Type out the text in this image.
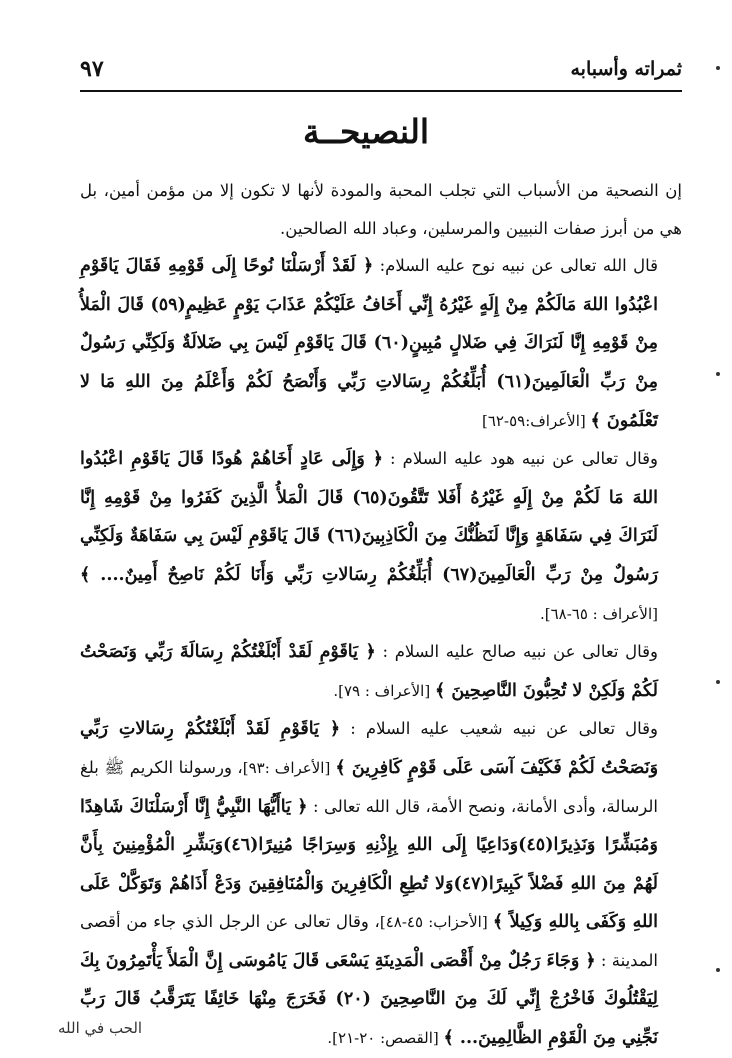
ثمراته وأسبابه
٩٧
النصيحــة

إن النصحية من الأسباب التي تجلب المحبة والمودة لأنها لا تكون إلا من مؤمن أمين، بل هي من أبرز صفات النبيين والمرسلين، وعباد الله الصالحين.

قال الله تعالى عن نبيه نوح عليه السلام: ﴿ لَقَدْ أَرْسَلْنَا نُوحًا إِلَى قَوْمِهِ فَقَالَ يَاقَوْمِ اعْبُدُوا اللهَ مَالَكُمْ مِنْ إِلَهٍ غَيْرُهُ إِنِّي أَخَافُ عَلَيْكُمْ عَذَابَ يَوْمٍ عَظِيمٍ(٥٩) قَالَ الْمَلأُ مِنْ قَوْمِهِ إِنَّا لَنَرَاكَ فِي ضَلالٍ مُبِينٍ(٦٠) قَالَ يَاقَوْمِ لَيْسَ بِي ضَلالَةٌ وَلَكِنِّي رَسُولٌ مِنْ رَبِّ الْعَالَمِينَ(٦١) أُبَلِّغُكُمْ رِسَالاتِ رَبِّي وَأَنْصَحُ لَكُمْ وَأَعْلَمُ مِنَ اللهِ مَا لا تَعْلَمُونَ ﴾ [الأعراف:٥٩-٦٢]

وقال تعالى عن نبيه هود عليه السلام : ﴿ وَإِلَى عَادٍ أَخَاهُمْ هُودًا قَالَ يَاقَوْمِ اعْبُدُوا اللهَ مَا لَكُمْ مِنْ إِلَهٍ غَيْرُهُ أَفَلا تَتَّقُونَ(٦٥) قَالَ الْمَلأُ الَّذِينَ كَفَرُوا مِنْ قَوْمِهِ إِنَّا لَنَرَاكَ فِي سَفَاهَةٍ وَإِنَّا لَنَظُنُّكَ مِنَ الْكَاذِبِينَ(٦٦) قَالَ يَاقَوْمِ لَيْسَ بِي سَفَاهَةٌ وَلَكِنِّي رَسُولٌ مِنْ رَبِّ الْعَالَمِينَ(٦٧) أُبَلِّغُكُمْ رِسَالاتِ رَبِّي وَأَنَا لَكُمْ نَاصِحٌ أَمِينٌ.... ﴾ [الأعراف : ٦٥-٦٨].

وقال تعالى عن نبيه صالح عليه السلام : ﴿ يَاقَوْمِ لَقَدْ أَبْلَغْتُكُمْ رِسَالَةَ رَبِّي وَنَصَحْتُ لَكُمْ وَلَكِنْ لا تُحِبُّونَ النَّاصِحِينَ ﴾ [الأعراف : ٧٩].

وقال تعالى عن نبيه شعيب عليه السلام : ﴿ يَاقَوْمِ لَقَدْ أَبْلَغْتُكُمْ رِسَالاتِ رَبِّي وَنَصَحْتُ لَكُمْ فَكَيْفَ آسَى عَلَى قَوْمٍ كَافِرِينَ ﴾ [الأعراف :٩٣]، ورسولنا الكريم ﷺ بلغ الرسالة، وأدى الأمانة، ونصح الأمة، قال الله تعالى : ﴿ يَاأَيُّهَا النَّبِيُّ إِنَّا أَرْسَلْنَاكَ شَاهِدًا وَمُبَشِّرًا وَنَذِيرًا(٤٥)وَدَاعِيًا إِلَى اللهِ بِإِذْنِهِ وَسِرَاجًا مُنِيرًا(٤٦)وَبَشِّرِ الْمُؤْمِنِينَ بِأَنَّ لَهُمْ مِنَ اللهِ فَضْلاً كَبِيرًا(٤٧)وَلا تُطِعِ الْكَافِرِينَ وَالْمُنَافِقِينَ وَدَعْ أَذَاهُمْ وَتَوَكَّلْ عَلَى اللهِ وَكَفَى بِاللهِ وَكِيلاً ﴾ [الأحزاب: ٤٥-٤٨]، وقال تعالى عن الرجل الذي جاء من أقصى المدينة : ﴿ وَجَاءَ رَجُلٌ مِنْ أَقْصَى الْمَدِينَةِ يَسْعَى قَالَ يَامُوسَى إِنَّ الْمَلأَ يَأْتَمِرُونَ بِكَ لِيَقْتُلُوكَ فَاخْرُجْ إِنِّي لَكَ مِنَ النَّاصِحِينَ (٢٠) فَخَرَجَ مِنْهَا خَائِفًا يَتَرَقَّبُ قَالَ رَبِّ نَجِّنِي مِنَ الْقَوْمِ الظَّالِمِينَ... ﴾ [القصص: ٢٠-٢١].

الحب في الله
